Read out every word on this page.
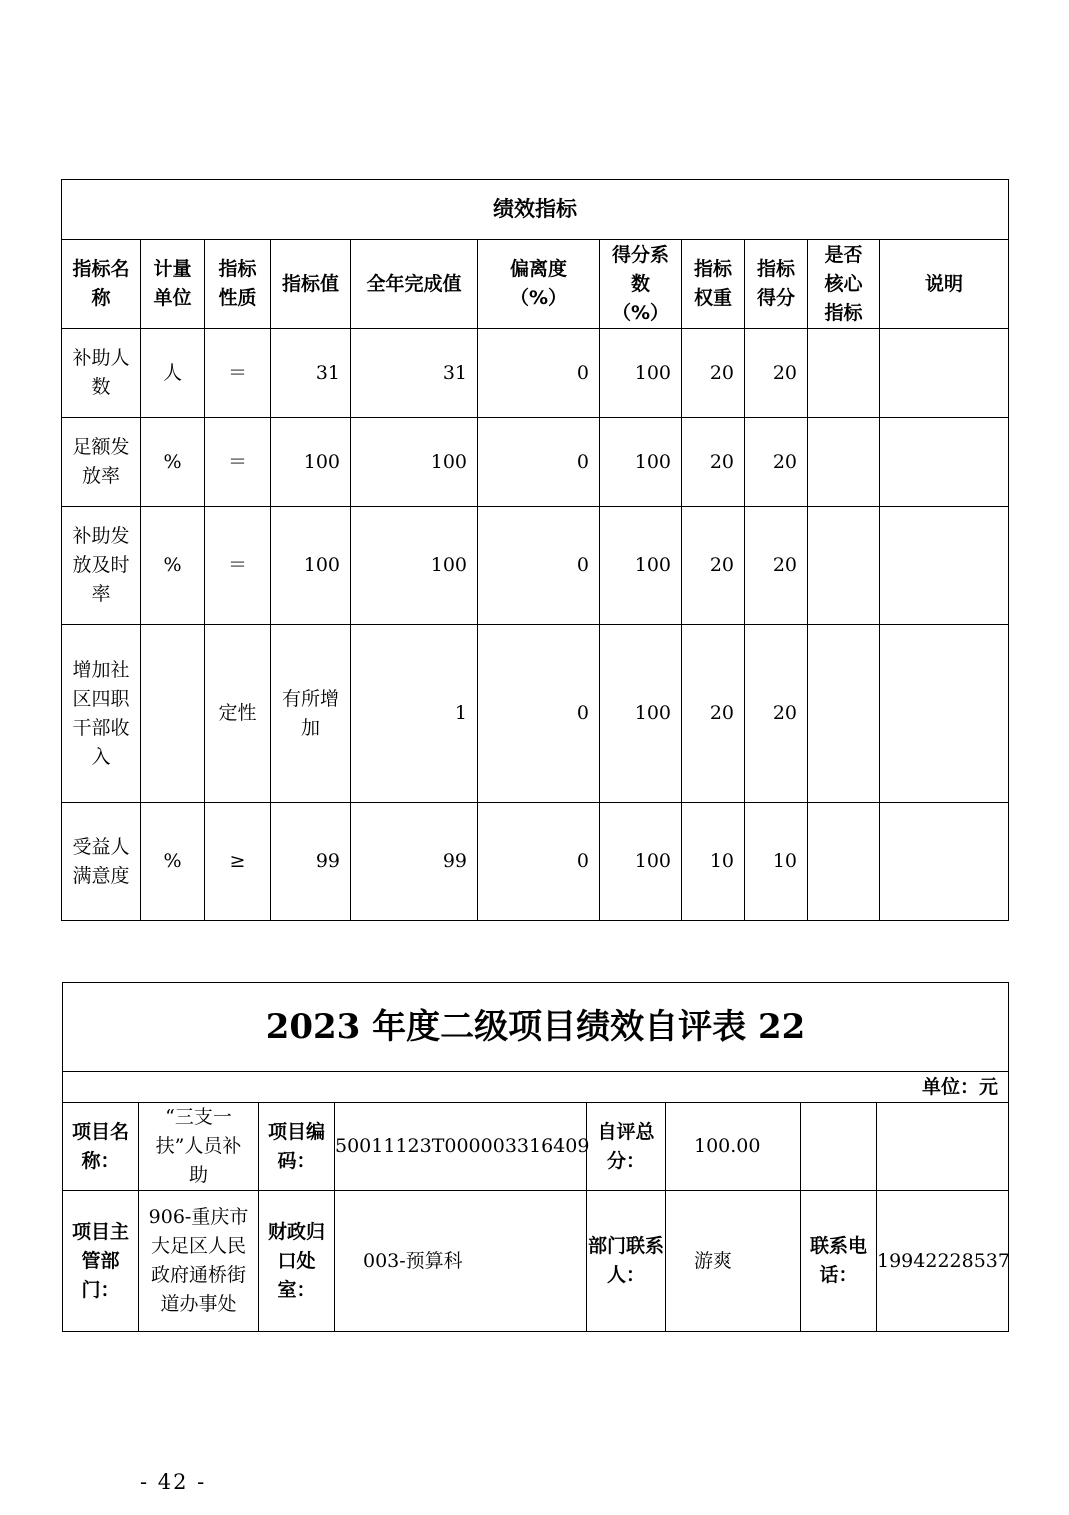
绩效指标										
指标名称	计量单位	指标性质	指标值	全年完成值	偏离度（%）	得分系数（%）	指标权重	指标得分	是否核心指标	说明
补助人数	人	＝	31	31	0	100	20	20		
足额发放率	%	＝	100	100	0	100	20	20		
补助发放及时率	%	＝	100	100	0	100	20	20		
增加社区四职干部收入		定性	有所增加	1	0	100	20	20		
受益人满意度	%	≥	99	99	0	100	10	10		
2023 年度二级项目绩效自评表 22							
单位：元							
项目名称：	“三支一扶”人员补助	项目编码：	50011123T000003316409	自评总分：	100.00		
项目主管部门：	906-重庆市大足区人民政府通桥街道办事处	财政归口处室：	003-预算科	部门联系人：	游爽	联系电话：	19942228537
- 42 -
